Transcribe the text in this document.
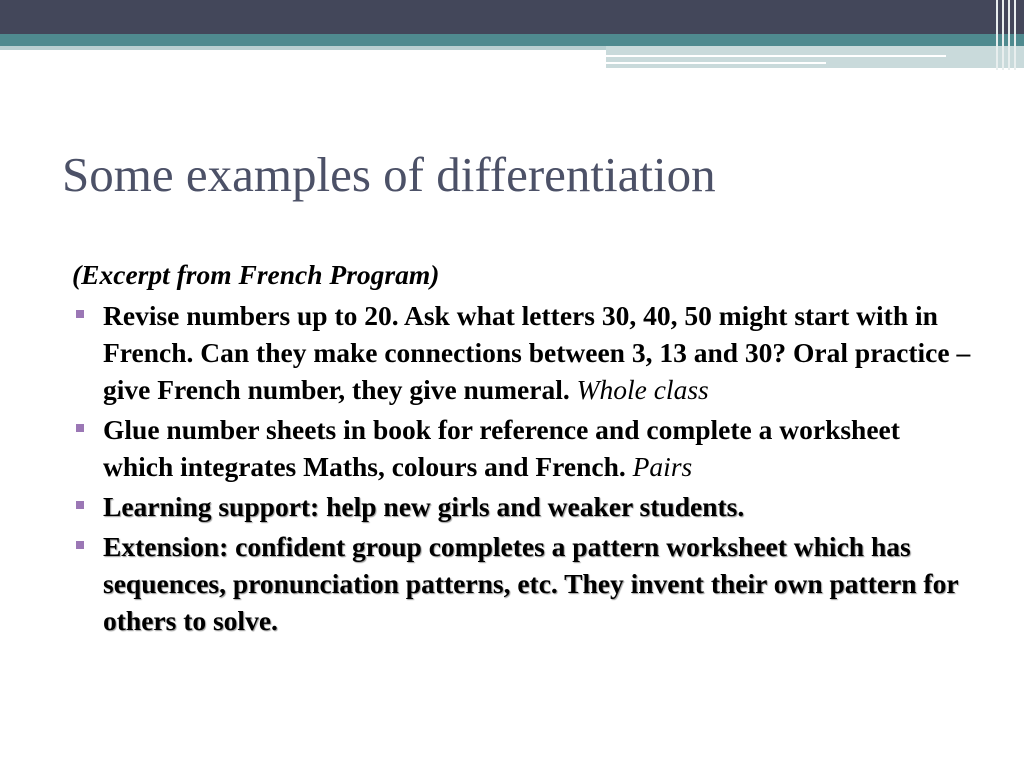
Some examples of differentiation

(Excerpt from French Program)

Revise numbers up to 20. Ask what letters 30, 40, 50 might start with in French. Can they make connections between 3, 13 and 30? Oral practice – give French number, they give numeral. Whole class
Glue number sheets in book for reference and complete a worksheet which integrates Maths, colours and French. Pairs
Learning support: help new girls and weaker students.
Extension: confident group completes a pattern worksheet which has sequences, pronunciation patterns, etc. They invent their own pattern for others to solve.
